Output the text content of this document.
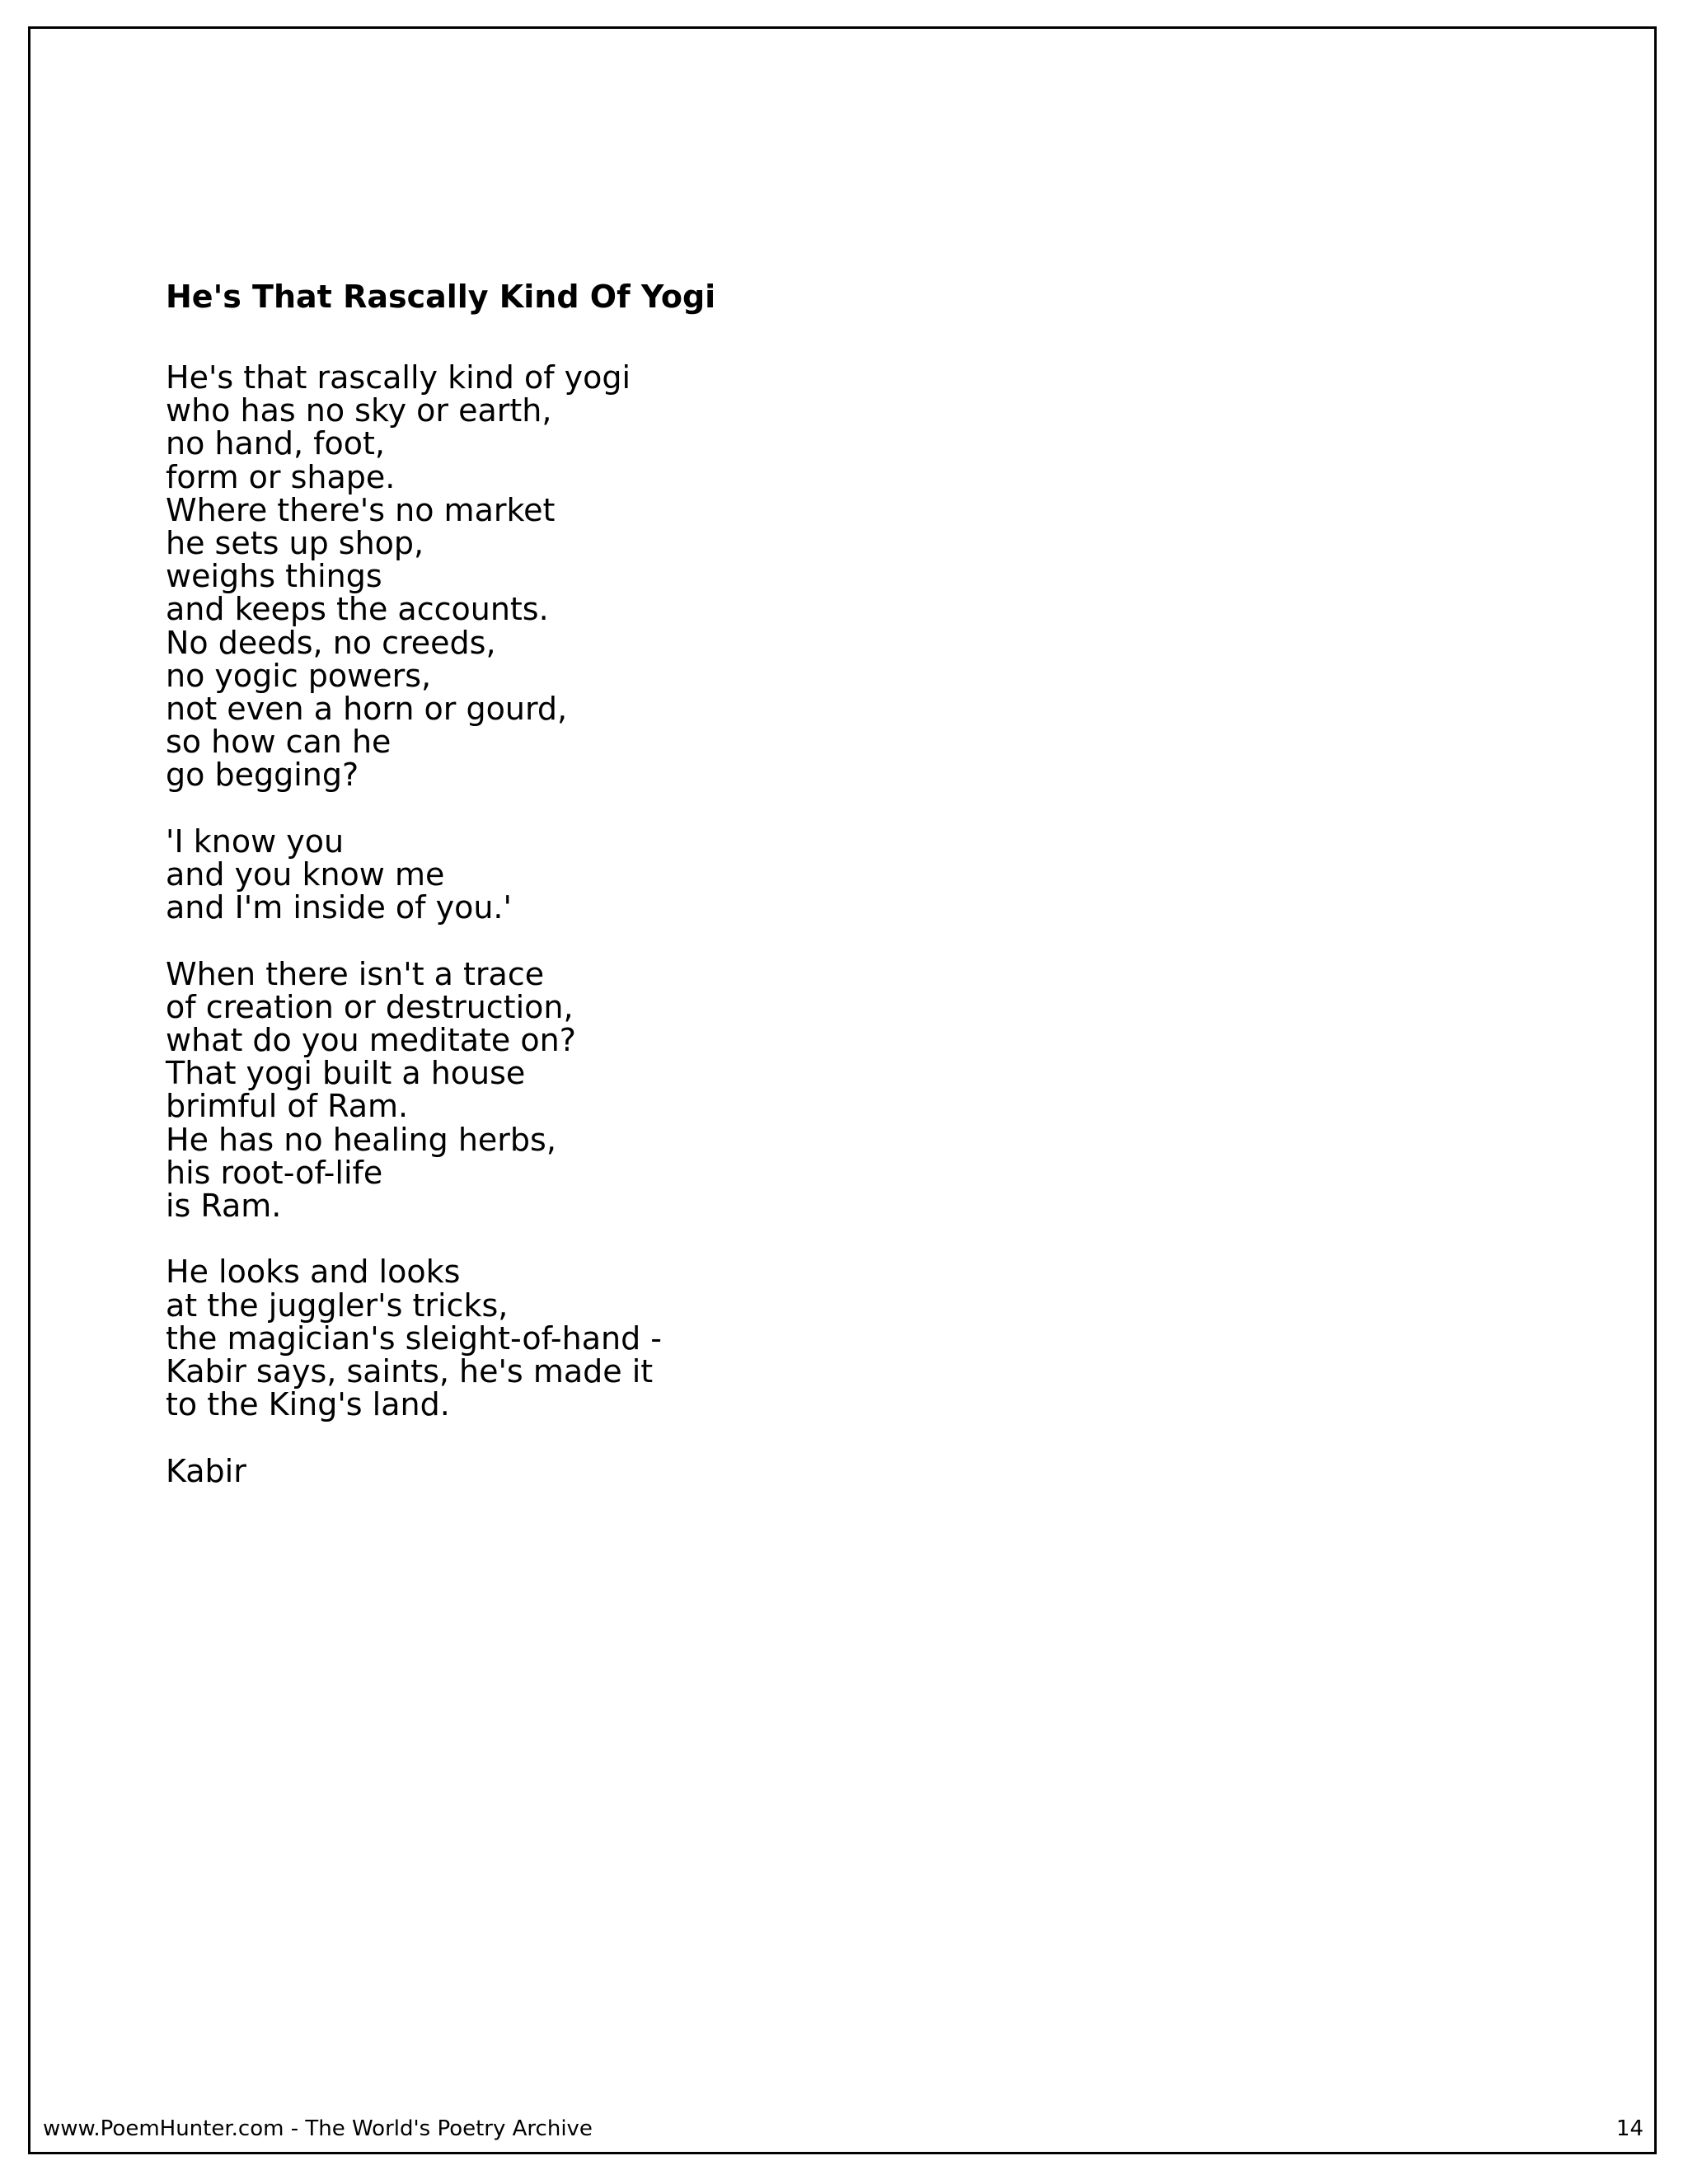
He's That Rascally Kind Of Yogi
He's that rascally kind of yogi
who has no sky or earth,
no hand, foot,
form or shape.
Where there's no market
he sets up shop,
weighs things
and keeps the accounts.
No deeds, no creeds,
no yogic powers,
not even a horn or gourd,
so how can he
go begging?
'I know you
and you know me
and I'm inside of you.'
When there isn't a trace
of creation or destruction,
what do you meditate on?
That yogi built a house
brimful of Ram.
He has no healing herbs,
his root-of-life
is Ram.
He looks and looks
at the juggler's tricks,
the magician's sleight-of-hand -
Kabir says, saints, he's made it
to the King's land.
Kabir
www.PoemHunter.com - The World's Poetry Archive	14
